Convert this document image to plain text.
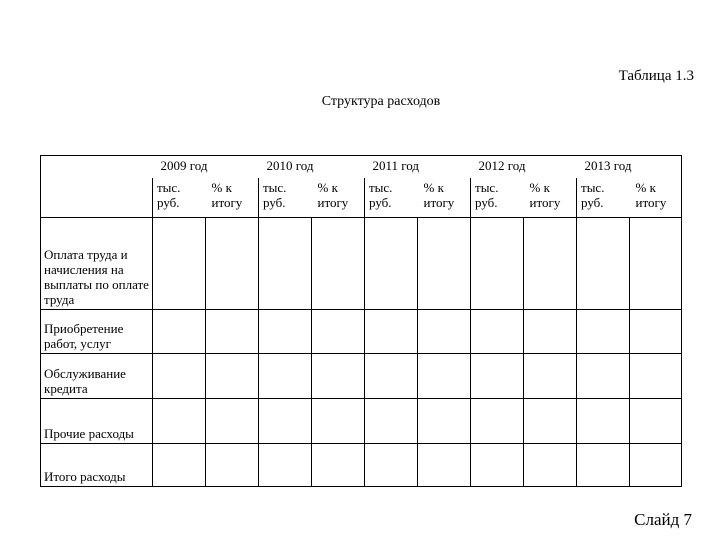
Таблица 1.3
Структура расходов
	2009 год		2010 год		2011 год		2012 год		2013 год	
	тыс. руб.	% к итогу	тыс. руб.	% к итогу	тыс. руб.	% к итогу	тыс. руб.	% к итогу	тыс. руб.	% к итогу
Оплата труда и начисления на выплаты по оплате труда										
Приобретение работ, услуг										
Обслуживание кредита										
Прочие расходы										
Итого расходы										
Слайд 7
